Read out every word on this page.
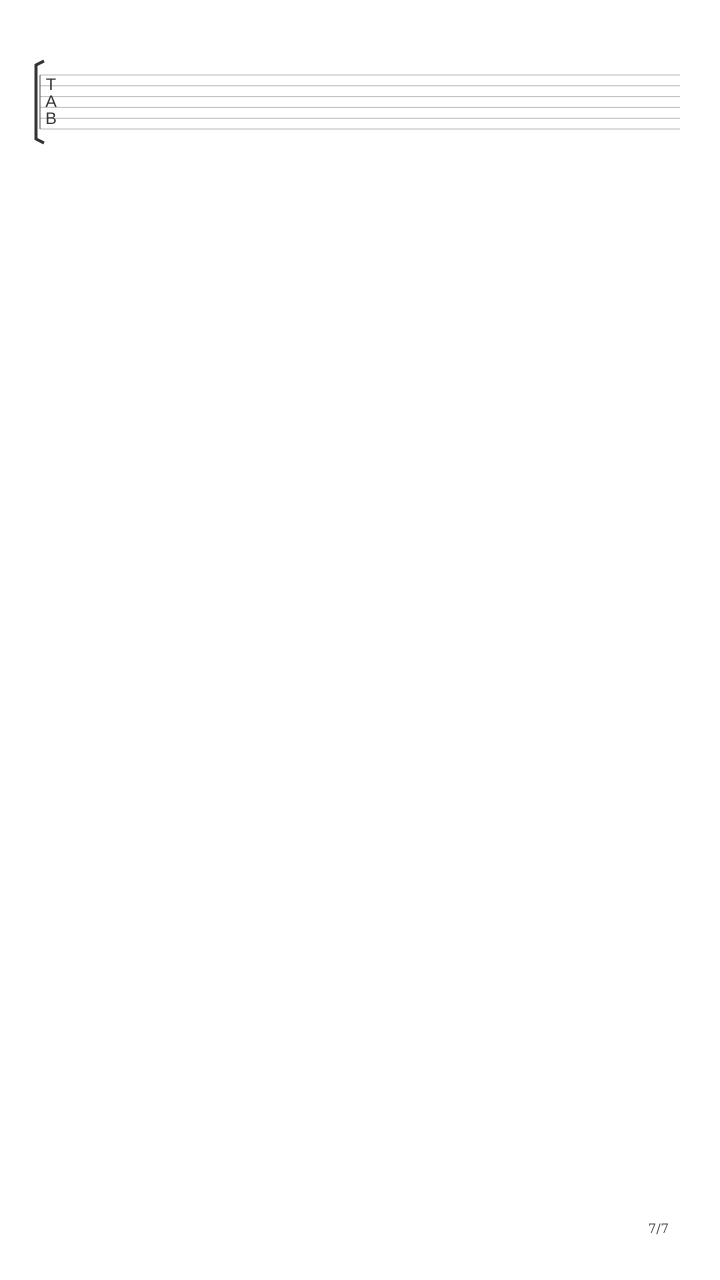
T
A
B
7/7
